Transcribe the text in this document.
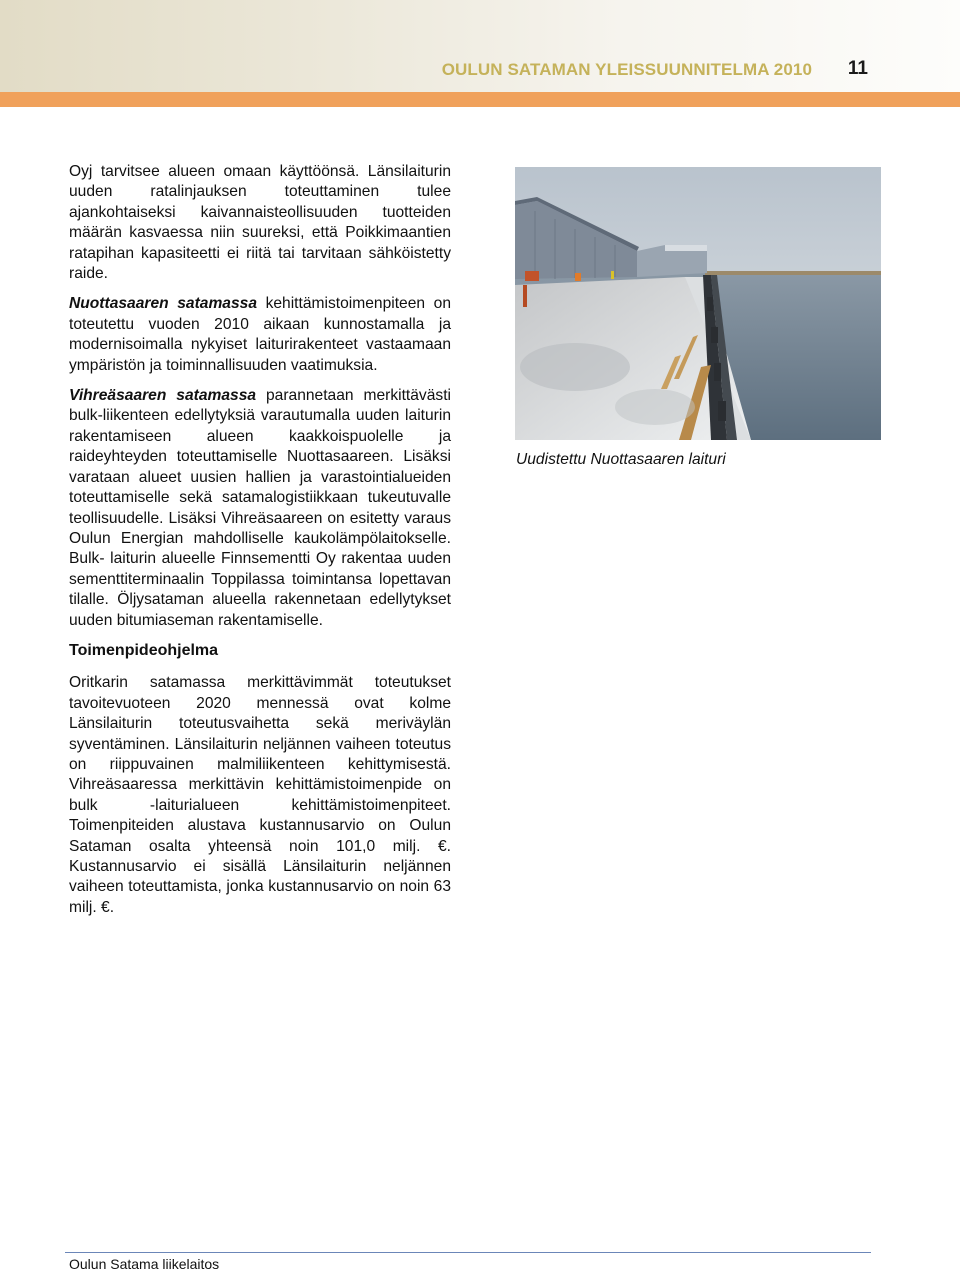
OULUN SATAMAN YLEISSUUNNITELMA 2010 11

Oyj tarvitsee alueen omaan käyttöönsä. Länsilaiturin uuden ratalinjauksen toteuttaminen tulee ajankohtaiseksi kaivannaisteollisuuden tuotteiden määrän kasvaessa niin suureksi, että Poikkimaantien ratapihan kapasiteetti ei riitä tai tarvitaan sähköistetty raide.

Nuottasaaren satamassa kehittämistoimenpiteen on toteutettu vuoden 2010 aikaan kunnostamalla ja modernisoimalla nykyiset laiturirakenteet vastaamaan ympäristön ja toiminnallisuuden vaatimuksia.

Vihreäsaaren satamassa parannetaan merkittävästi bulk-liikenteen edellytyksiä varautumalla uuden laiturin rakentamiseen alueen kaakkoispuolelle ja raideyhteyden toteuttamiselle Nuottasaareen. Lisäksi varataan alueet uusien hallien ja varastointialueiden toteuttamiselle sekä satamalogistiikkaan tukeutuvalle teollisuudelle. Lisäksi Vihreäsaareen on esitetty varaus Oulun Energian mahdolliselle kaukolämpölaitokselle. Bulk- laiturin alueelle Finnsementti Oy rakentaa uuden sementtiterminaalin Toppilassa toimintansa lopettavan tilalle. Öljysataman alueella rakennetaan edellytykset uuden bitumiaseman rakentamiselle.

Toimenpideohjelma

Oritkarin satamassa merkittävimmät toteutukset tavoitevuoteen 2020 mennessä ovat kolme Länsilaiturin toteutusvaihetta sekä meriväylän syventäminen. Länsilaiturin neljännen vaiheen toteutus on riippuvainen malmiliikenteen kehittymisestä. Vihreäsaaressa merkittävin kehittämistoimenpide on bulk -laiturialueen kehittämistoimenpiteet. Toimenpiteiden alustava kustannusarvio on Oulun Sataman osalta yhteensä noin 101,0 milj. €. Kustannusarvio ei sisällä Länsilaiturin neljännen vaiheen toteuttamista, jonka kustannusarvio on noin 63 milj. €.

Uudistettu Nuottasaaren laituri
Oulun Satama liikelaitos
